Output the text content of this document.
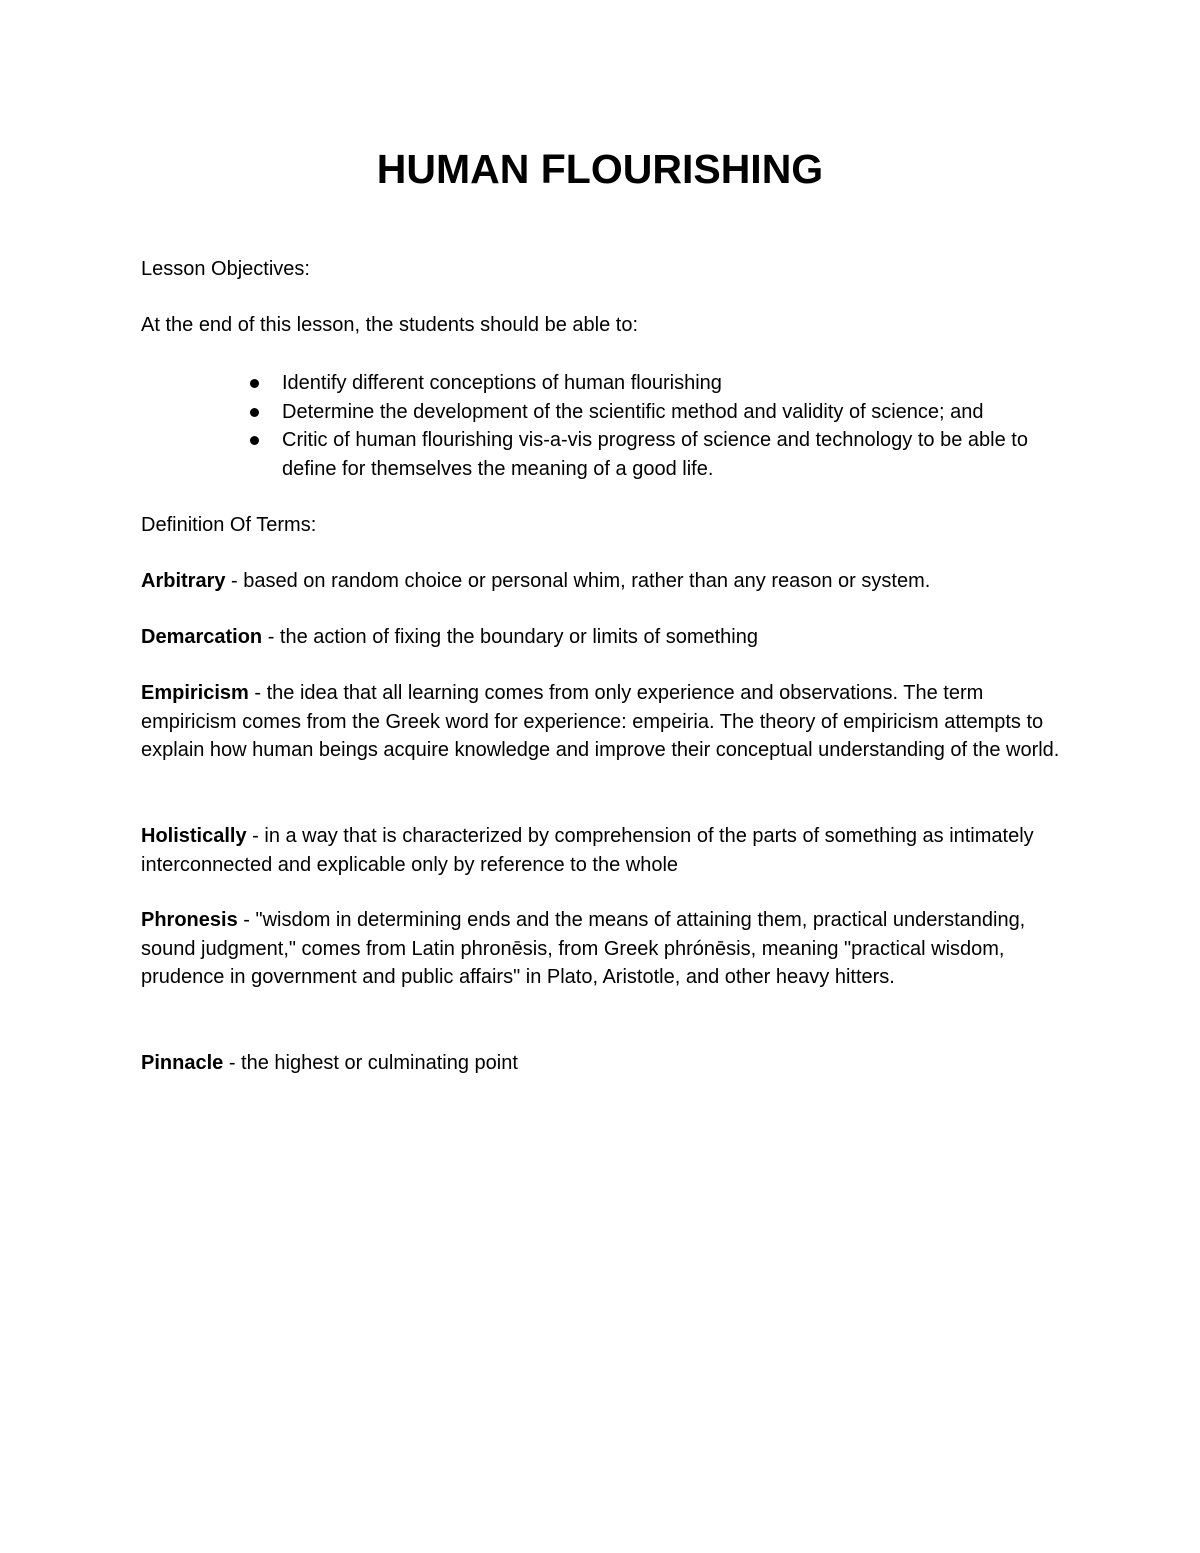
HUMAN FLOURISHING

Lesson Objectives:

At the end of this lesson, the students should be able to:

Identify different conceptions of human flourishing
Determine the development of the scientific method and validity of science; and
Critic of human flourishing vis-a-vis progress of science and technology to be able to define for themselves the meaning of a good life.

Definition Of Terms:

Arbitrary - based on random choice or personal whim, rather than any reason or system.

Demarcation - the action of fixing the boundary or limits of something

Empiricism - the idea that all learning comes from only experience and observations. The term empiricism comes from the Greek word for experience: empeiria. The theory of empiricism attempts to explain how human beings acquire knowledge and improve their conceptual understanding of the world.

Holistically - in a way that is characterized by comprehension of the parts of something as intimately interconnected and explicable only by reference to the whole

Phronesis - "wisdom in determining ends and the means of attaining them, practical understanding, sound judgment," comes from Latin phronēsis, from Greek phrónēsis, meaning "practical wisdom, prudence in government and public affairs" in Plato, Aristotle, and other heavy hitters.

Pinnacle - the highest or culminating point
